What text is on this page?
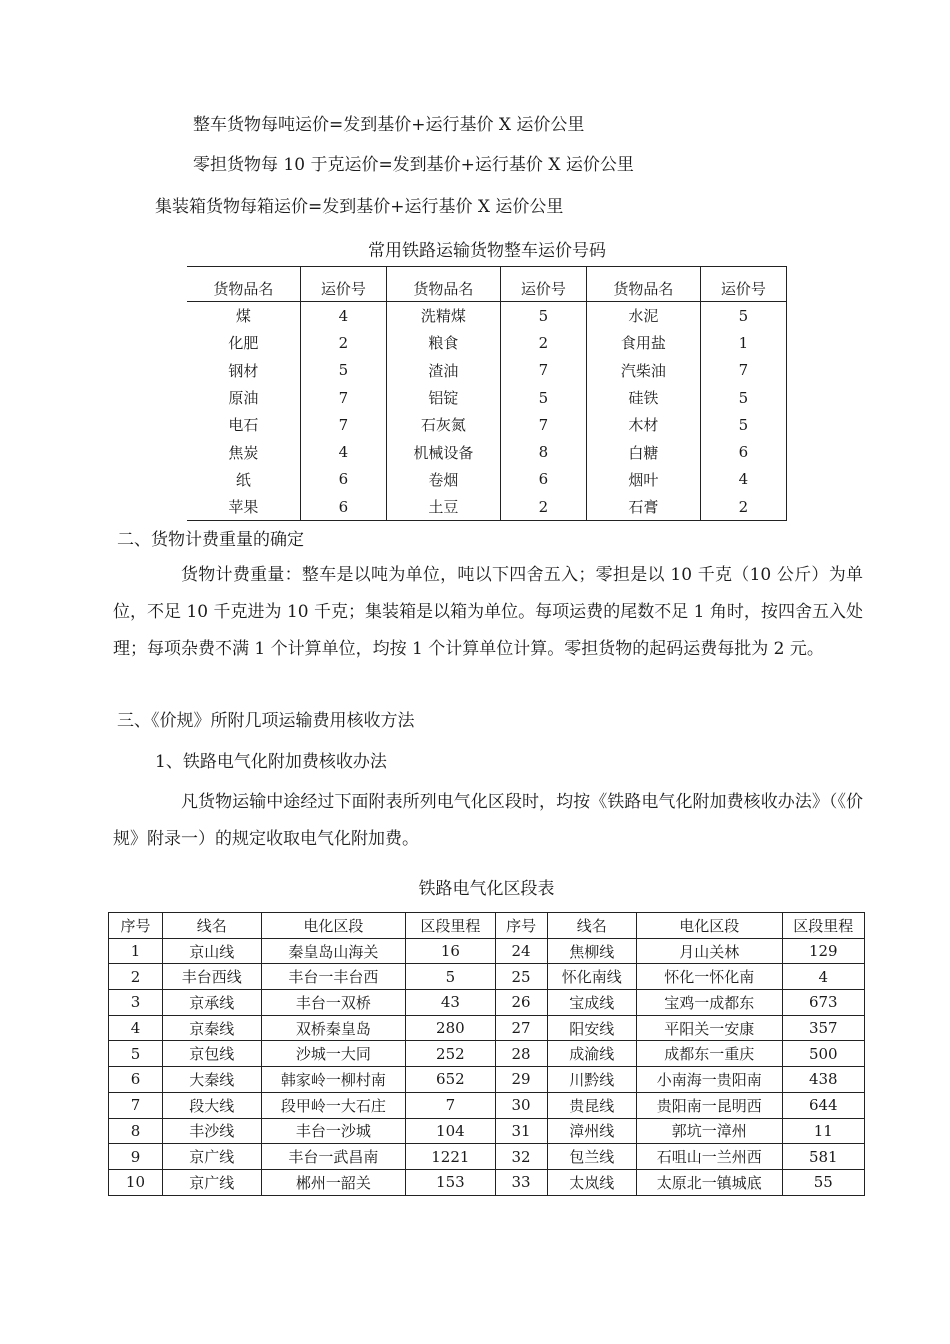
整车货物每吨运价=发到基价+运行基价 X 运价公里
零担货物每 10 于克运价=发到基价+运行基价 X 运价公里
集装箱货物每箱运价=发到基价+运行基价 X 运价公里
常用铁路运输货物整车运价号码
货物品名	运价号	货物品名	运价号	货物品名	运价号
煤	4	洗精煤	5	水泥	5
化肥	2	粮食	2	食用盐	1
钢材	5	渣油	7	汽柴油	7
原油	7	铝锭	5	硅铁	5
电石	7	石灰氮	7	木材	5
焦炭	4	机械设备	8	白糖	6
纸	6	卷烟	6	烟叶	4
苹果	6	土豆	2	石膏	2
二、货物计费重量的确定
货物计费重量：整车是以吨为单位，吨以下四舍五入；零担是以 10 千克（10 公斤）为单位，不足 10 千克进为 10 千克；集装箱是以箱为单位。每项运费的尾数不足 1 角时，按四舍五入处理；每项杂费不满 1 个计算单位，均按 1 个计算单位计算。零担货物的起码运费每批为 2 元。
三、《价规》所附几项运输费用核收方法
1、铁路电气化附加费核收办法
凡货物运输中途经过下面附表所列电气化区段时，均按《铁路电气化附加费核收办法》（《价规》附录一）的规定收取电气化附加费。
铁路电气化区段表
序号	线名	电化区段	区段里程	序号	线名	电化区段	区段里程
1	京山线	秦皇岛山海关	16	24	焦柳线	月山关林	129
2	丰台西线	丰台一丰台西	5	25	怀化南线	怀化一怀化南	4
3	京承线	丰台一双桥	43	26	宝成线	宝鸡一成都东	673
4	京秦线	双桥秦皇岛	280	27	阳安线	平阳关一安康	357
5	京包线	沙城一大同	252	28	成渝线	成都东一重庆	500
6	大秦线	韩家岭一柳村南	652	29	川黔线	小南海一贵阳南	438
7	段大线	段甲岭一大石庄	7	30	贵昆线	贵阳南一昆明西	644
8	丰沙线	丰台一沙城	104	31	漳州线	郭坑一漳州	11
9	京广线	丰台一武昌南	1221	32	包兰线	石咀山一兰州西	581
10	京广线	郴州一韶关	153	33	太岚线	太原北一镇城底	55
